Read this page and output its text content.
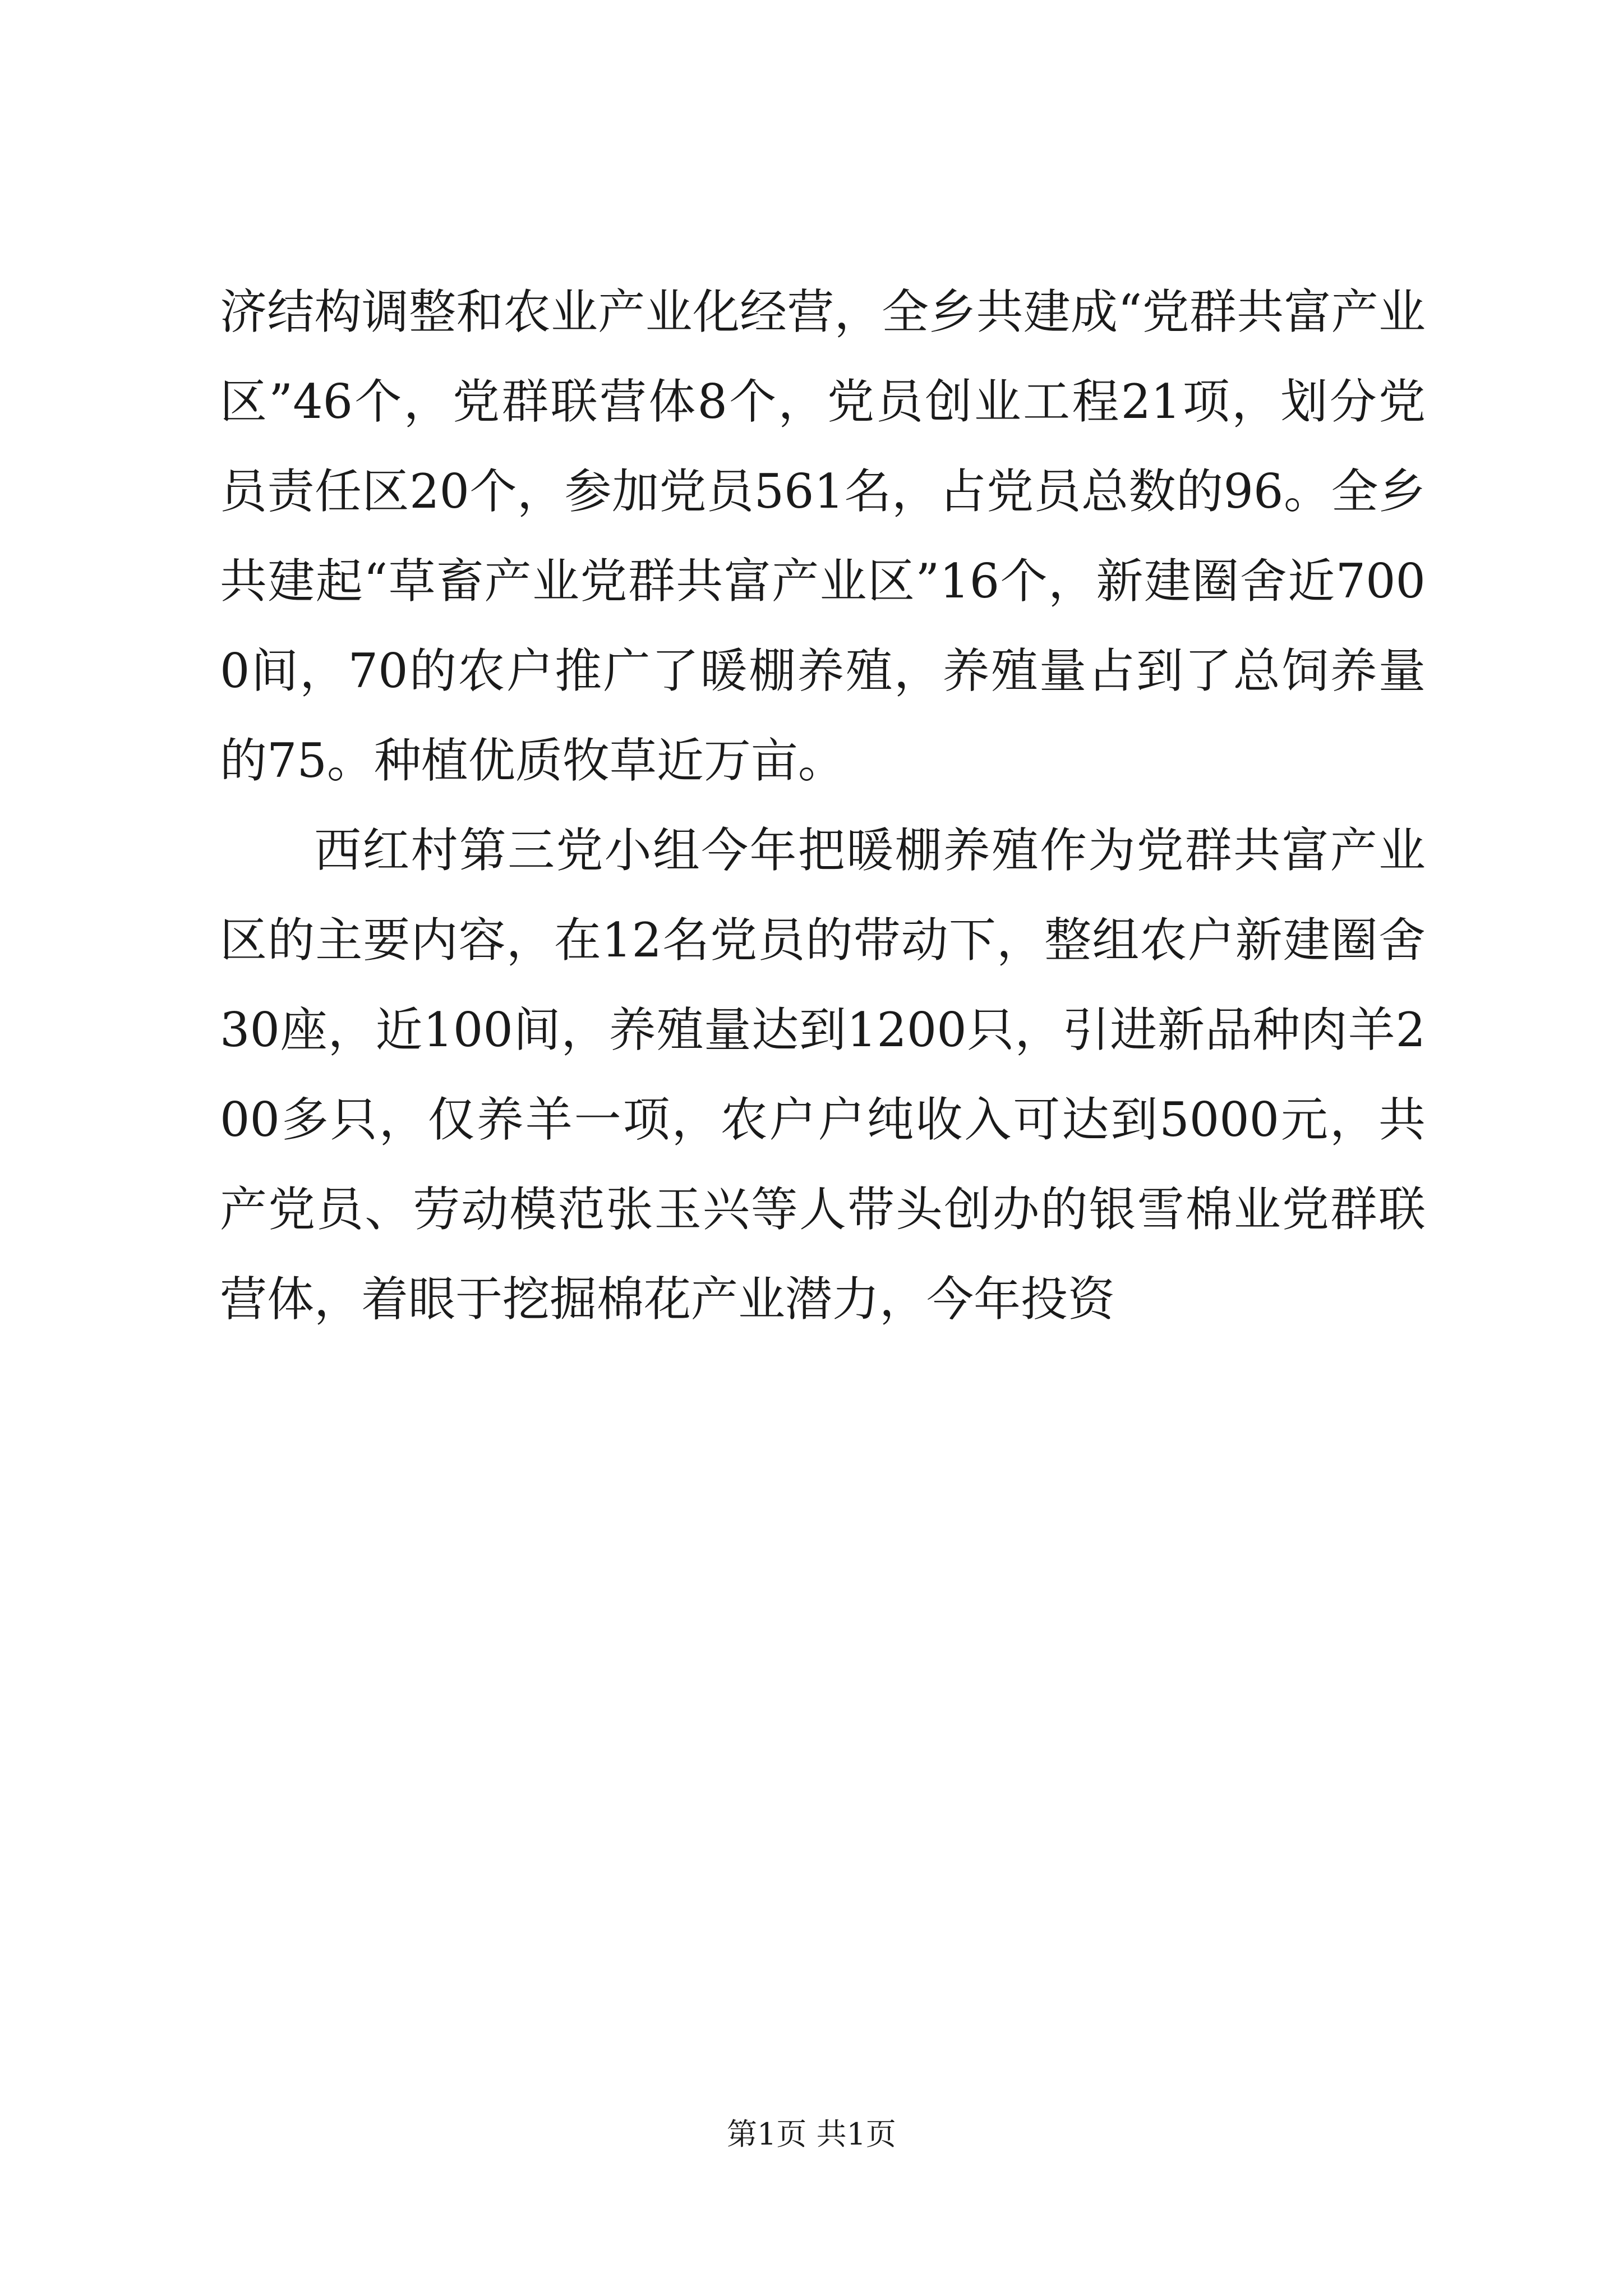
济结构调整和农业产业化经营，全乡共建成“党群共富产业区”46个，党群联营体8个，党员创业工程21项，划分党员责任区20个，参加党员561名，占党员总数的96。全乡共建起“草畜产业党群共富产业区”16个，新建圈舍近7000间，70的农户推广了暖棚养殖，养殖量占到了总饲养量的75。种植优质牧草近万亩。

西红村第三党小组今年把暖棚养殖作为党群共富产业区的主要内容，在12名党员的带动下，整组农户新建圈舍30座，近100间，养殖量达到1200只，引进新品种肉羊200多只，仅养羊一项，农户户纯收入可达到5000元，共产党员、劳动模范张玉兴等人带头创办的银雪棉业党群联营体，着眼于挖掘棉花产业潜力，今年投资

第1页 共1页
